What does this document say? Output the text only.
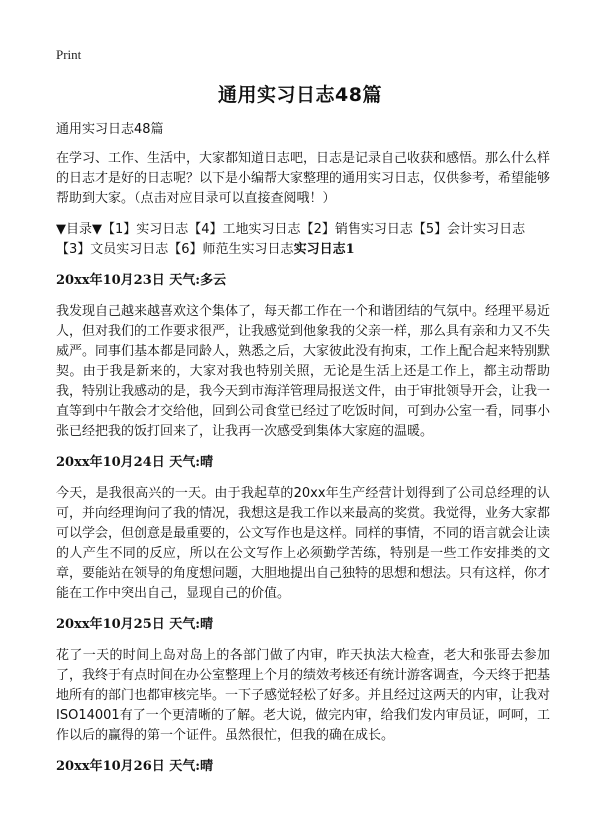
Print
通用实习日志48篇
通用实习日志48篇

在学习、工作、生活中，大家都知道日志吧，日志是记录自己收获和感悟。那么什么样的日志才是好的日志呢？以下是小编帮大家整理的通用实习日志，仅供参考，希望能够帮助到大家。（点击对应目录可以直接查阅哦！）

▼目录▼【1】实习日志【4】工地实习日志【2】销售实习日志【5】会计实习日志【3】文员实习日志【6】师范生实习日志实习日志1
20xx年10月23日 天气:多云

我发现自己越来越喜欢这个集体了，每天都工作在一个和谐团结的气氛中。经理平易近人，但对我们的工作要求很严，让我感觉到他象我的父亲一样，那么具有亲和力又不失威严。同事们基本都是同龄人，熟悉之后，大家彼此没有拘束，工作上配合起来特别默契。由于我是新来的，大家对我也特别关照，无论是生活上还是工作上，都主动帮助我，特别让我感动的是，我今天到市海洋管理局报送文件，由于审批领导开会，让我一直等到中午散会才交给他，回到公司食堂已经过了吃饭时间，可到办公室一看，同事小张已经把我的饭打回来了，让我再一次感受到集体大家庭的温暖。

20xx年10月24日 天气:晴

今天，是我很高兴的一天。由于我起草的20xx年生产经营计划得到了公司总经理的认可，并向经理询问了我的情况，我想这是我工作以来最高的奖赏。我觉得，业务大家都可以学会，但创意是最重要的，公文写作也是这样。同样的事情，不同的语言就会让读的人产生不同的反应，所以在公文写作上必须勤学苦练，特别是一些工作安排类的文章，要能站在领导的角度想问题，大胆地提出自己独特的思想和想法。只有这样，你才能在工作中突出自己，显现自己的价值。

20xx年10月25日 天气:晴

花了一天的时间上岛对岛上的各部门做了内审，昨天执法大检查，老大和张哥去参加了，我终于有点时间在办公室整理上个月的绩效考核还有统计游客调查，今天终于把基地所有的部门也都审核完毕。一下子感觉轻松了好多。并且经过这两天的内审，让我对ISO14001有了一个更清晰的了解。老大说，做完内审，给我们发内审员证，呵呵，工作以后的赢得的第一个证件。虽然很忙，但我的确在成长。

20xx年10月26日 天气:晴
